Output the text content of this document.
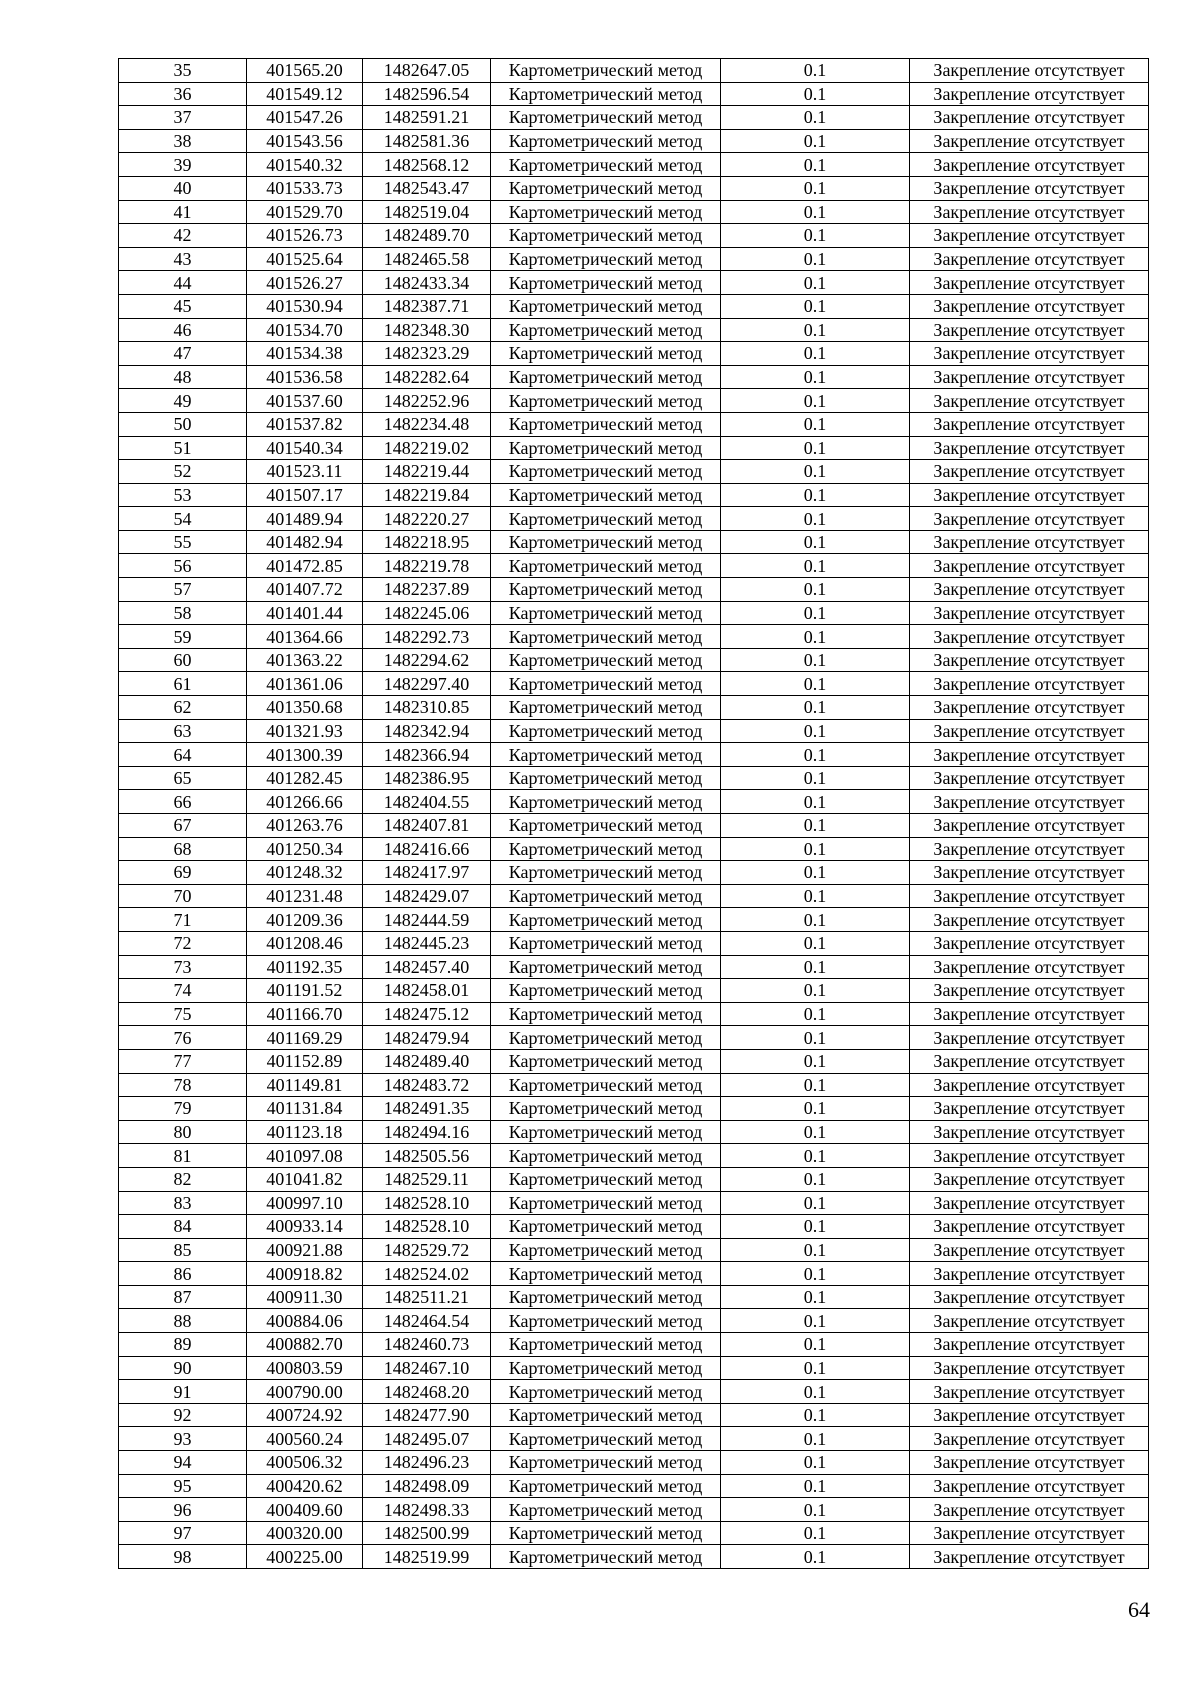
35	401565.20	1482647.05	Картометрический метод	0.1	Закрепление отсутствует
36	401549.12	1482596.54	Картометрический метод	0.1	Закрепление отсутствует
37	401547.26	1482591.21	Картометрический метод	0.1	Закрепление отсутствует
38	401543.56	1482581.36	Картометрический метод	0.1	Закрепление отсутствует
39	401540.32	1482568.12	Картометрический метод	0.1	Закрепление отсутствует
40	401533.73	1482543.47	Картометрический метод	0.1	Закрепление отсутствует
41	401529.70	1482519.04	Картометрический метод	0.1	Закрепление отсутствует
42	401526.73	1482489.70	Картометрический метод	0.1	Закрепление отсутствует
43	401525.64	1482465.58	Картометрический метод	0.1	Закрепление отсутствует
44	401526.27	1482433.34	Картометрический метод	0.1	Закрепление отсутствует
45	401530.94	1482387.71	Картометрический метод	0.1	Закрепление отсутствует
46	401534.70	1482348.30	Картометрический метод	0.1	Закрепление отсутствует
47	401534.38	1482323.29	Картометрический метод	0.1	Закрепление отсутствует
48	401536.58	1482282.64	Картометрический метод	0.1	Закрепление отсутствует
49	401537.60	1482252.96	Картометрический метод	0.1	Закрепление отсутствует
50	401537.82	1482234.48	Картометрический метод	0.1	Закрепление отсутствует
51	401540.34	1482219.02	Картометрический метод	0.1	Закрепление отсутствует
52	401523.11	1482219.44	Картометрический метод	0.1	Закрепление отсутствует
53	401507.17	1482219.84	Картометрический метод	0.1	Закрепление отсутствует
54	401489.94	1482220.27	Картометрический метод	0.1	Закрепление отсутствует
55	401482.94	1482218.95	Картометрический метод	0.1	Закрепление отсутствует
56	401472.85	1482219.78	Картометрический метод	0.1	Закрепление отсутствует
57	401407.72	1482237.89	Картометрический метод	0.1	Закрепление отсутствует
58	401401.44	1482245.06	Картометрический метод	0.1	Закрепление отсутствует
59	401364.66	1482292.73	Картометрический метод	0.1	Закрепление отсутствует
60	401363.22	1482294.62	Картометрический метод	0.1	Закрепление отсутствует
61	401361.06	1482297.40	Картометрический метод	0.1	Закрепление отсутствует
62	401350.68	1482310.85	Картометрический метод	0.1	Закрепление отсутствует
63	401321.93	1482342.94	Картометрический метод	0.1	Закрепление отсутствует
64	401300.39	1482366.94	Картометрический метод	0.1	Закрепление отсутствует
65	401282.45	1482386.95	Картометрический метод	0.1	Закрепление отсутствует
66	401266.66	1482404.55	Картометрический метод	0.1	Закрепление отсутствует
67	401263.76	1482407.81	Картометрический метод	0.1	Закрепление отсутствует
68	401250.34	1482416.66	Картометрический метод	0.1	Закрепление отсутствует
69	401248.32	1482417.97	Картометрический метод	0.1	Закрепление отсутствует
70	401231.48	1482429.07	Картометрический метод	0.1	Закрепление отсутствует
71	401209.36	1482444.59	Картометрический метод	0.1	Закрепление отсутствует
72	401208.46	1482445.23	Картометрический метод	0.1	Закрепление отсутствует
73	401192.35	1482457.40	Картометрический метод	0.1	Закрепление отсутствует
74	401191.52	1482458.01	Картометрический метод	0.1	Закрепление отсутствует
75	401166.70	1482475.12	Картометрический метод	0.1	Закрепление отсутствует
76	401169.29	1482479.94	Картометрический метод	0.1	Закрепление отсутствует
77	401152.89	1482489.40	Картометрический метод	0.1	Закрепление отсутствует
78	401149.81	1482483.72	Картометрический метод	0.1	Закрепление отсутствует
79	401131.84	1482491.35	Картометрический метод	0.1	Закрепление отсутствует
80	401123.18	1482494.16	Картометрический метод	0.1	Закрепление отсутствует
81	401097.08	1482505.56	Картометрический метод	0.1	Закрепление отсутствует
82	401041.82	1482529.11	Картометрический метод	0.1	Закрепление отсутствует
83	400997.10	1482528.10	Картометрический метод	0.1	Закрепление отсутствует
84	400933.14	1482528.10	Картометрический метод	0.1	Закрепление отсутствует
85	400921.88	1482529.72	Картометрический метод	0.1	Закрепление отсутствует
86	400918.82	1482524.02	Картометрический метод	0.1	Закрепление отсутствует
87	400911.30	1482511.21	Картометрический метод	0.1	Закрепление отсутствует
88	400884.06	1482464.54	Картометрический метод	0.1	Закрепление отсутствует
89	400882.70	1482460.73	Картометрический метод	0.1	Закрепление отсутствует
90	400803.59	1482467.10	Картометрический метод	0.1	Закрепление отсутствует
91	400790.00	1482468.20	Картометрический метод	0.1	Закрепление отсутствует
92	400724.92	1482477.90	Картометрический метод	0.1	Закрепление отсутствует
93	400560.24	1482495.07	Картометрический метод	0.1	Закрепление отсутствует
94	400506.32	1482496.23	Картометрический метод	0.1	Закрепление отсутствует
95	400420.62	1482498.09	Картометрический метод	0.1	Закрепление отсутствует
96	400409.60	1482498.33	Картометрический метод	0.1	Закрепление отсутствует
97	400320.00	1482500.99	Картометрический метод	0.1	Закрепление отсутствует
98	400225.00	1482519.99	Картометрический метод	0.1	Закрепление отсутствует
64
